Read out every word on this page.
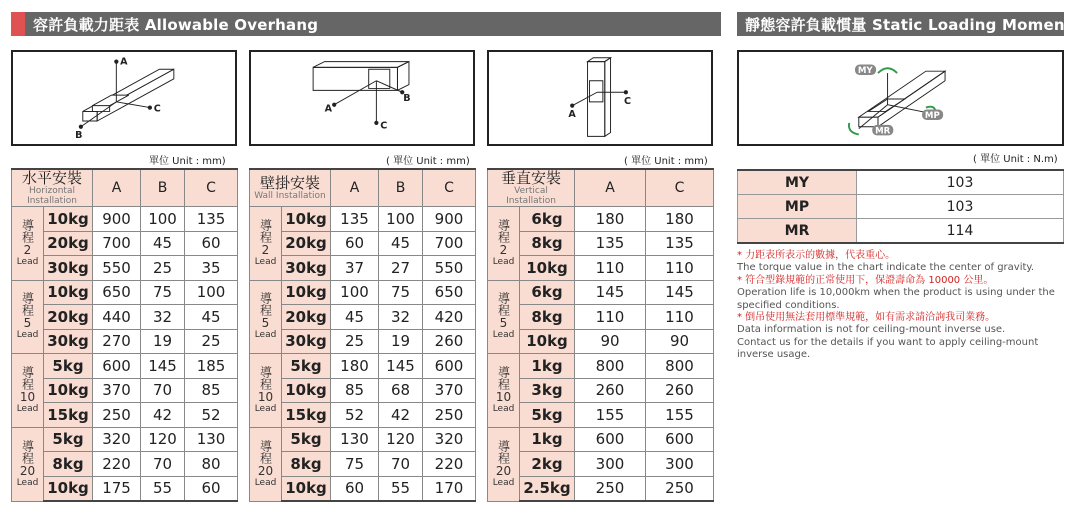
容許負載力距表 Allowable Overhang	靜態容許負載慣量 Static Loading Moment
A
B
C	A
B
C
A
C
MY
MP
MR
單位 Unit : mm)	( 單位 Unit : mm)	( 單位 Unit : mm)	( 單位 Unit : N.m)
水平安裝
Horizontal Installation		A	B	C

導程
2
Lead	10kg	900	100	135
	20kg	700	45	60
	30kg	550	25	35

導程
5
Lead	10kg	650	75	100
	20kg	440	32	45
	30kg	270	19	25

導程
10
Lead	5kg	600	145	185
	10kg	370	70	85
	15kg	250	42	52

導程
20
Lead	5kg	320	120	130
	8kg	220	70	80
	10kg	175	55	60
壁掛安裝
Wall Installation		A	B	C

導程
2
Lead	10kg	135	100	900
	20kg	60	45	700
	30kg	37	27	550

導程
5
Lead	10kg	100	75	650
	20kg	45	32	420
	30kg	25	19	260

導程
10
Lead	5kg	180	145	600
	10kg	85	68	370
	15kg	52	42	250

導程
20
Lead	5kg	130	120	320
	8kg	75	70	220
	10kg	60	55	170
垂直安裝
Vertical Installation		A	C

導程
2
Lead	6kg	180	180
	8kg	135	135
	10kg	110	110

導程
5
Lead	6kg	145	145
	8kg	110	110
	10kg	90	90

導程
10
Lead	1kg	800	800
	3kg	260	260
	5kg	155	155

導程
20
Lead	1kg	600	600
	2kg	300	300
	2.5kg	250	250
MY	103
MP	103
MR	114
* 力距表所表示的數據，代表重心。
The torque value in the chart indicate the center of gravity.
* 符合型錄規範的正常使用下，保證壽命為 10000 公里。
Operation life is 10,000km when the product is using under the specified conditions.
* 倒吊使用無法套用標準規範，如有需求請洽詢我司業務。
Data information is not for ceiling-mount inverse use.
Contact us for the details if you want to apply ceiling-mount inverse usage.
